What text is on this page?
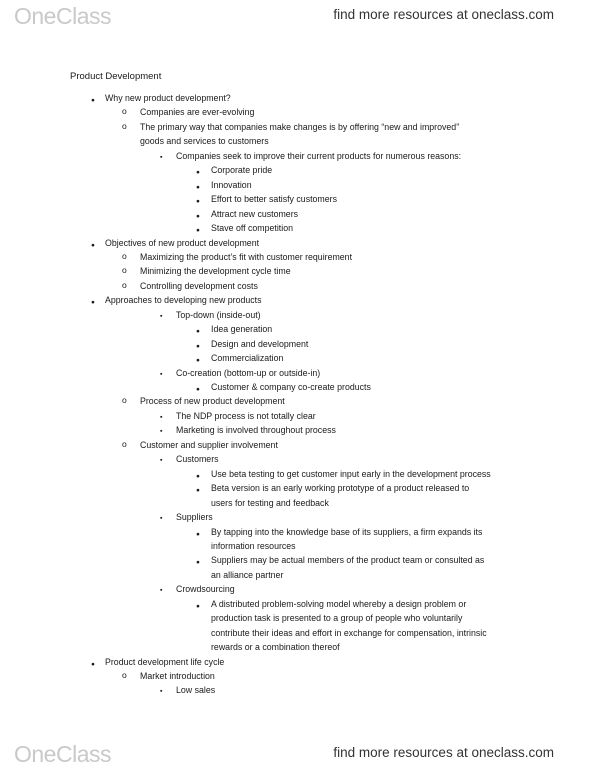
OneClass	find more resources at oneclass.com
Product Development
● Why new product development?
o Companies are ever-evolving
o The primary way that companies make changes is by offering “new and improved”
goods and services to customers
▪ Companies seek to improve their current products for numerous reasons:
● Corporate pride
● Innovation
● Effort to better satisfy customers
● Attract new customers
● Stave off competition
● Objectives of new product development
o Maximizing the product’s fit with customer requirement
o Minimizing the development cycle time
o Controlling development costs
● Approaches to developing new products
▪ Top-down (inside-out)
● Idea generation
● Design and development
● Commercialization
▪ Co-creation (bottom-up or outside-in)
● Customer & company co-create products
o Process of new product development
▪ The NDP process is not totally clear
▪ Marketing is involved throughout process
o Customer and supplier involvement
▪ Customers
● Use beta testing to get customer input early in the development process
● Beta version is an early working prototype of a product released to
users for testing and feedback
▪ Suppliers
● By tapping into the knowledge base of its suppliers, a firm expands its
information resources
● Suppliers may be actual members of the product team or consulted as
an alliance partner
▪ Crowdsourcing
● A distributed problem-solving model whereby a design problem or
production task is presented to a group of people who voluntarily
contribute their ideas and effort in exchange for compensation, intrinsic
rewards or a combination thereof
● Product development life cycle
o Market introduction
▪ Low sales
OneClass	find more resources at oneclass.com
